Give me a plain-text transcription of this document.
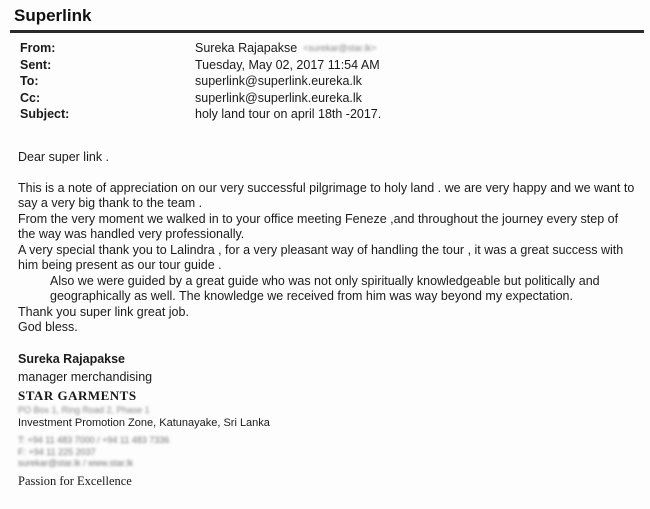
Superlink
From:	Sureka Rajapakse <surekar@star.lk>
Sent:	Tuesday, May 02, 2017 11:54 AM
To:	superlink@superlink.eureka.lk
Cc:	superlink@superlink.eureka.lk
Subject:	holy land tour on april 18th -2017.
Dear super link .

This is a note of appreciation on our very successful pilgrimage to holy land . we are very happy and we want to say a very big thank to the team .

From the very moment we walked in to your office meeting Feneze ,and throughout the journey every step of the way was handled very professionally.

A very special thank you to Lalindra , for a very pleasant way of handling the tour , it was a great success with him being present as our tour guide .

Also we were guided by a great guide who was not only spiritually knowledgeable but politically and geographically as well. The knowledge we received from him was way beyond my expectation.

Thank you super link great job.

God bless.

Sureka Rajapakse
manager merchandising
STAR GARMENTS
PO Box 1, Ring Road 2, Phase 1
Investment Promotion Zone, Katunayake, Sri Lanka
T: +94 11 483 7000 / +94 11 483 7336
F: +94 11 225 2037
surekar@star.lk / www.star.lk
Passion for Excellence
